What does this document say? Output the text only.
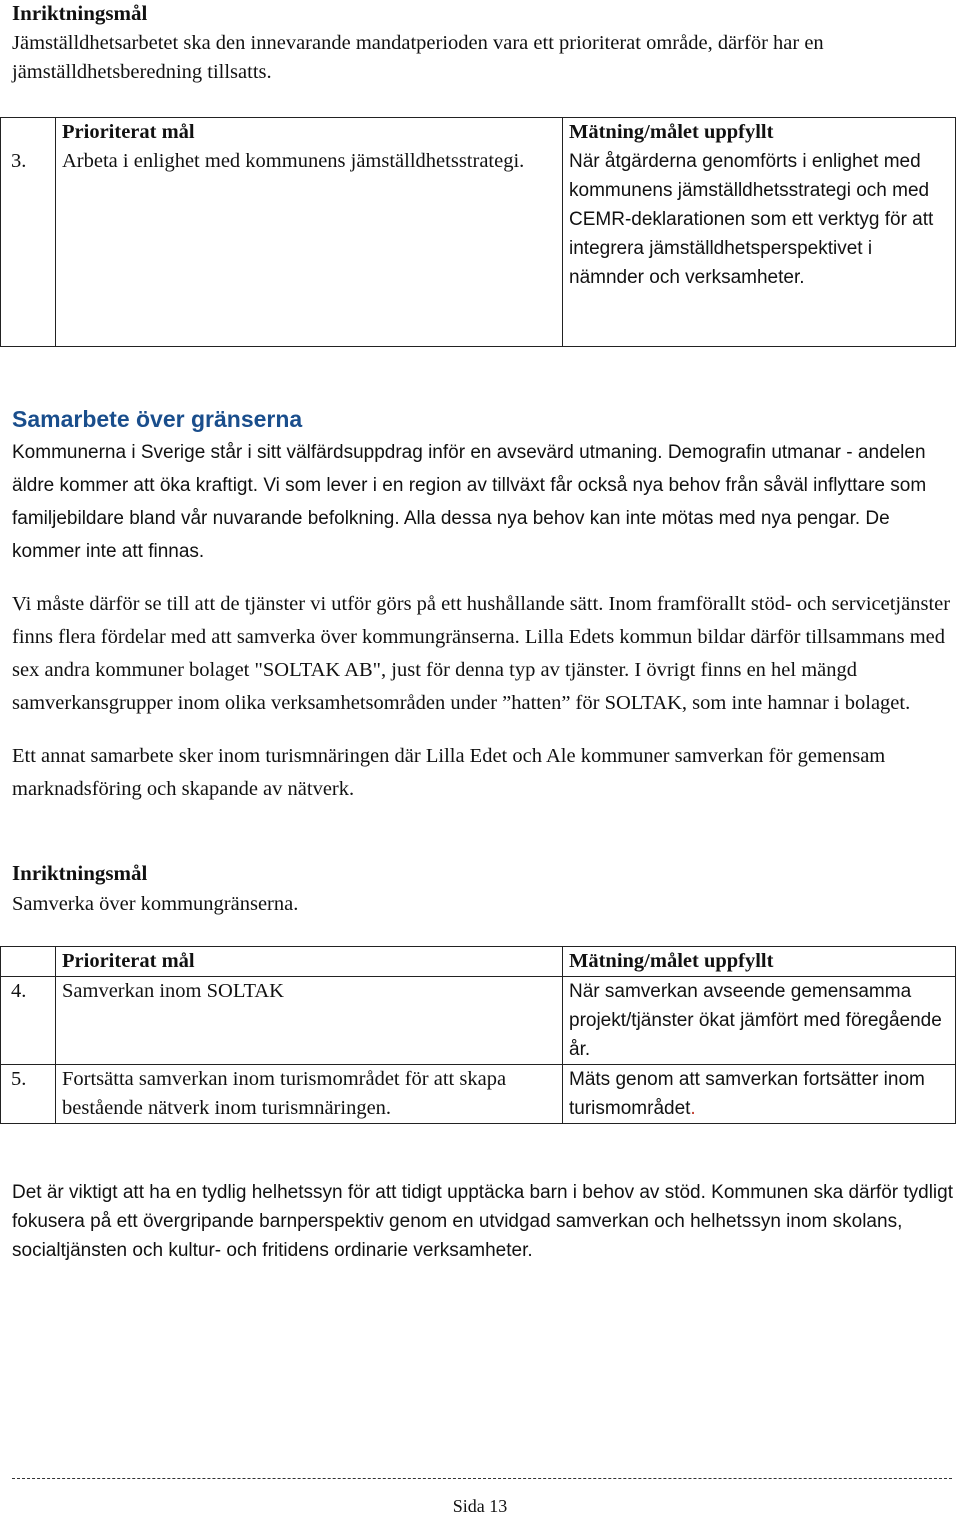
Inriktningsmål

Jämställdhetsarbetet ska den innevarande mandatperioden vara ett prioriterat område, därför har en jämställdhetsberedning tillsatts.

	Prioriterat mål	Mätning/målet uppfyllt
3.	Arbeta i enlighet med kommunens jämställdhetsstrategi.	När åtgärderna genomförts i enlighet med kommunens jämställdhetsstrategi och med CEMR-deklarationen som ett verktyg för att integrera jämställdhetsperspektivet i nämnder och verksamheter.

Samarbete över gränserna

Kommunerna i Sverige står i sitt välfärdsuppdrag inför en avsevärd utmaning. Demografin utmanar - andelen äldre kommer att öka kraftigt. Vi som lever i en region av tillväxt får också nya behov från såväl inflyttare som familjebildare bland vår nuvarande befolkning. Alla dessa nya behov kan inte mötas med nya pengar. De kommer inte att finnas.

Vi måste därför se till att de tjänster vi utför görs på ett hushållande sätt. Inom framförallt stöd- och servicetjänster finns flera fördelar med att samverka över kommungränserna. Lilla Edets kommun bildar därför tillsammans med sex andra kommuner bolaget "SOLTAK AB", just för denna typ av tjänster. I övrigt finns en hel mängd samverkansgrupper inom olika verksamhetsområden under ”hatten” för SOLTAK, som inte hamnar i bolaget.

Ett annat samarbete sker inom turismnäringen där Lilla Edet och Ale kommuner samverkan för gemensam marknadsföring och skapande av nätverk.

Inriktningsmål

Samverka över kommungränserna.

	Prioriterat mål	Mätning/målet uppfyllt
4.	Samverkan inom SOLTAK	När samverkan avseende gemensamma projekt/tjänster ökat jämfört med föregående år.
5.	Fortsätta samverkan inom turismområdet för att skapa bestående nätverk inom turismnäringen.	Mäts genom att samverkan fortsätter inom turismområdet.

Det är viktigt att ha en tydlig helhetssyn för att tidigt upptäcka barn i behov av stöd. Kommunen ska därför tydligt fokusera på ett övergripande barnperspektiv genom en utvidgad samverkan och helhetssyn inom skolans, socialtjänsten och kultur- och fritidens ordinarie verksamheter.

Sida 13
